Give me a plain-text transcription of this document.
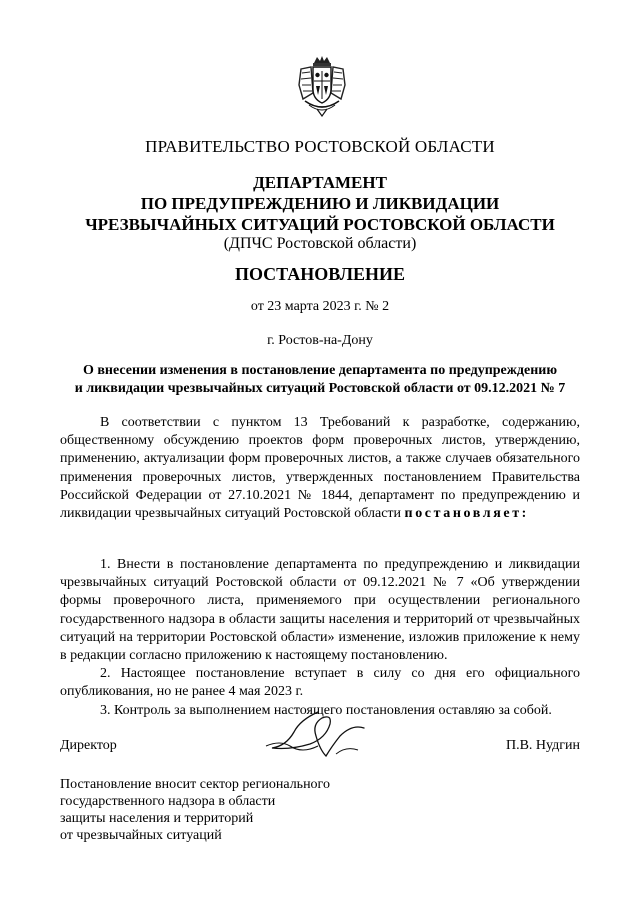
ПРАВИТЕЛЬСТВО РОСТОВСКОЙ ОБЛАСТИ
ДЕПАРТАМЕНТ
ПО ПРЕДУПРЕЖДЕНИЮ И ЛИКВИДАЦИИ
ЧРЕЗВЫЧАЙНЫХ СИТУАЦИЙ РОСТОВСКОЙ ОБЛАСТИ
(ДПЧС Ростовской области)
ПОСТАНОВЛЕНИЕ
от 23 марта 2023 г. № 2
г. Ростов-на-Дону
О внесении изменения в постановление департамента по предупреждению
и ликвидации чрезвычайных ситуаций Ростовской области от 09.12.2021 № 7

В соответствии с пунктом 13 Требований к разработке, содержанию, общественному обсуждению проектов форм проверочных листов, утверждению, применению, актуализации форм проверочных листов, а также случаев обязательного применения проверочных листов, утвержденных постановлением Правительства Российской Федерации от 27.10.2021 № 1844, департамент по предупреждению и ликвидации чрезвычайных ситуаций Ростовской области постановляет:

1. Внести в постановление департамента по предупреждению и ликвидации чрезвычайных ситуаций Ростовской области от 09.12.2021 № 7 «Об утверждении формы проверочного листа, применяемого при осуществлении регионального государственного надзора в области защиты населения и территорий от чрезвычайных ситуаций на территории Ростовской области» изменение, изложив приложение к нему в редакции согласно приложению к настоящему постановлению.

2. Настоящее постановление вступает в силу со дня его официального опубликования, но не ранее 4 мая 2023 г.

3. Контроль за выполнением настоящего постановления оставляю за собой.

Директор	П.В. Нудгин
Постановление вносит сектор регионального
государственного надзора в области
защиты населения и территорий
от чрезвычайных ситуаций
